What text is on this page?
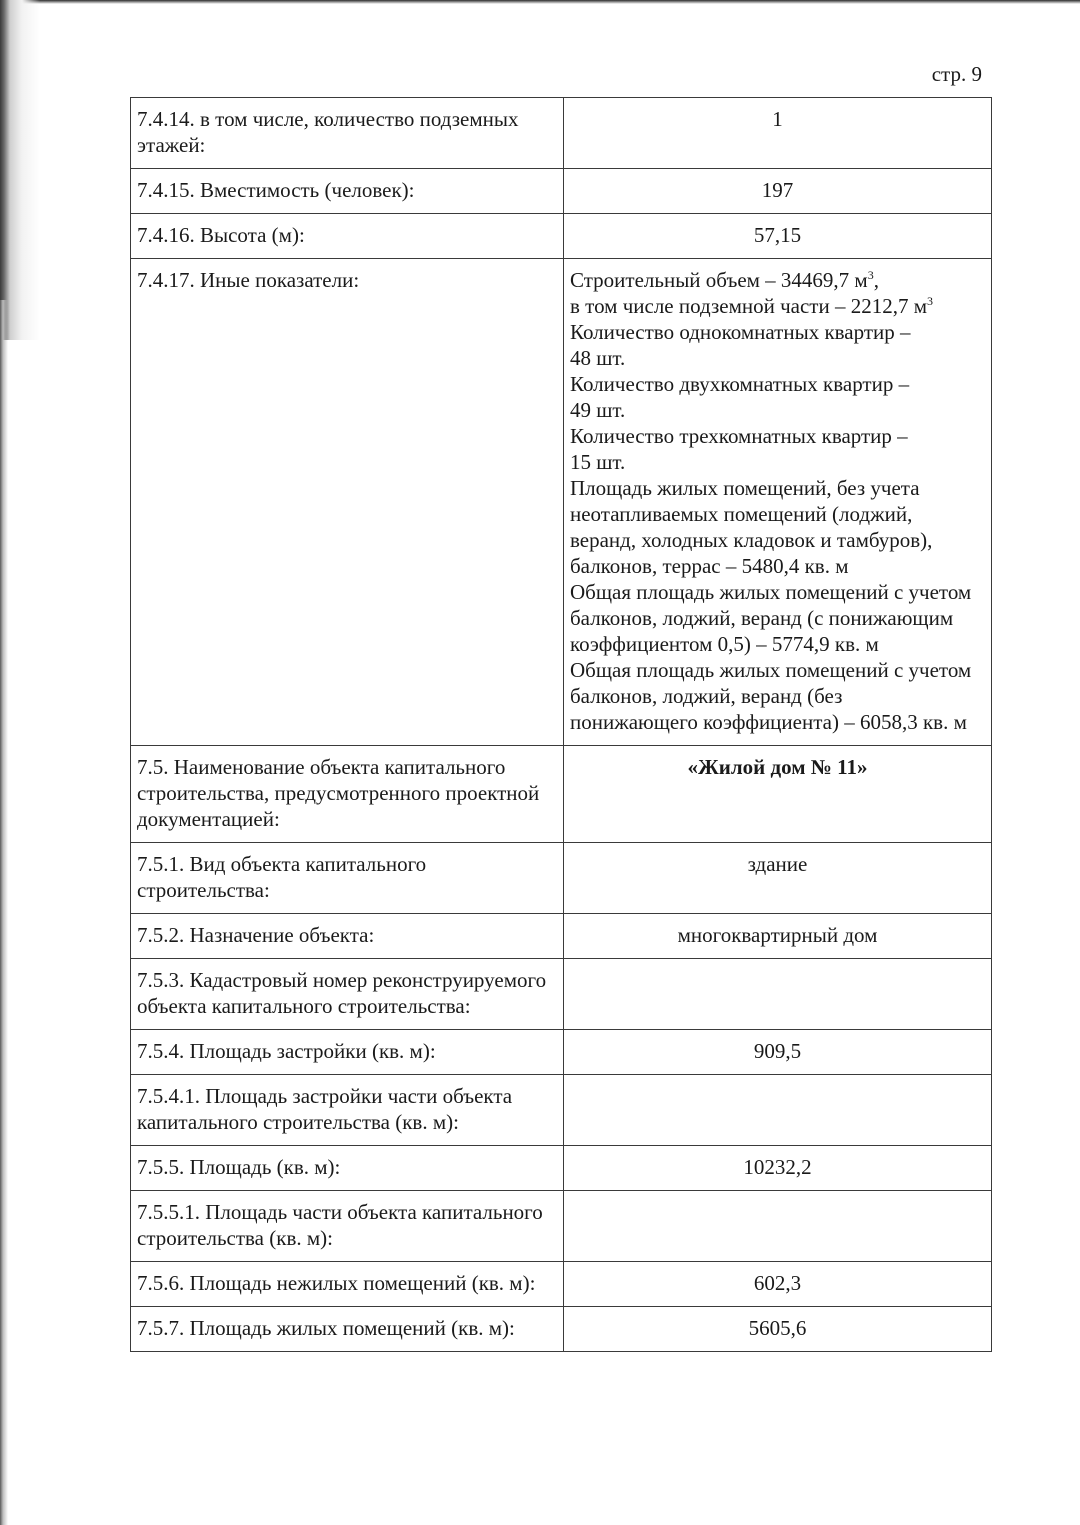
стр. 9
7.4.14. в том числе, количество подземных этажей:	1
7.4.15. Вместимость (человек):	197
7.4.16. Высота (м):	57,15
7.4.17. Иные показатели:	Строительный объем – 34469,7 $м^3$,
в том числе подземной части – 2212,7 $м^3$
Количество однокомнатных квартир –
48 шт.
Количество двухкомнатных квартир –
49 шт.
Количество трехкомнатных квартир –
15 шт.
Площадь жилых помещений, без учета
неотапливаемых помещений (лоджий,
веранд, холодных кладовок и тамбуров),
балконов, террас – 5480,4 кв. м
Общая площадь жилых помещений с учетом
балконов, лоджий, веранд (с понижающим
коэффициентом 0,5) – 5774,9 кв. м
Общая площадь жилых помещений с учетом
балконов, лоджий, веранд (без
понижающего коэффициента) – 6058,3 кв. м

7.5. Наименование объекта капитального строительства, предусмотренного проектной документацией:	«Жилой дом № 11»
7.5.1. Вид объекта капитального строительства:	здание
7.5.2. Назначение объекта:	многоквартирный дом
7.5.3. Кадастровый номер реконструируемого объекта капитального строительства:	
7.5.4. Площадь застройки (кв. м):	909,5
7.5.4.1. Площадь застройки части объекта капитального строительства (кв. м):	
7.5.5. Площадь (кв. м):	10232,2
7.5.5.1. Площадь части объекта капитального строительства (кв. м):	
7.5.6. Площадь нежилых помещений (кв. м):	602,3
7.5.7. Площадь жилых помещений (кв. м):	5605,6
